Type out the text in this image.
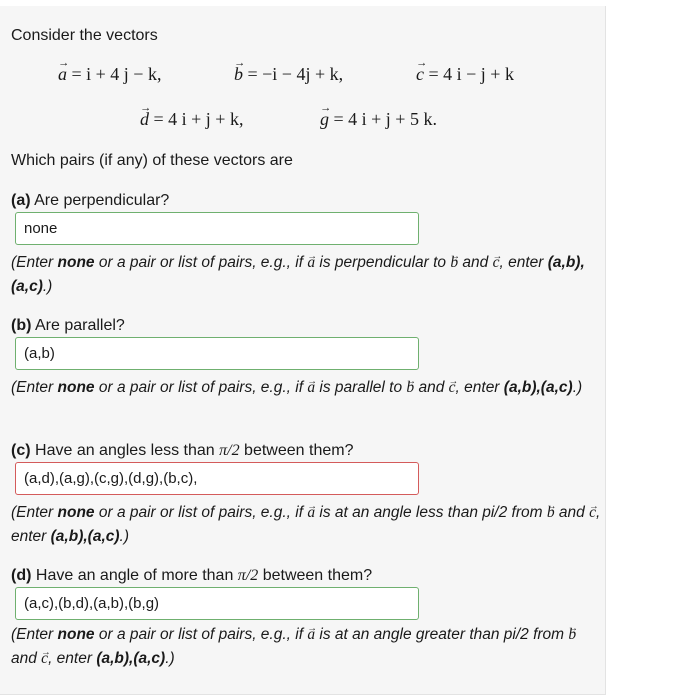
Consider the vectors
→ a = i + 4 j − k,	→ b = −i − 4j + k,	→ c = 4 i − j + k
→ d = 4 i + j + k,	→ g = 4 i + j + 5 k.
Which pairs (if any) of these vectors are
(a) Are perpendicular?
none
(Enter none or a pair or list of pairs, e.g., if → a is perpendicular to → b and → c, enter (a,b),(a,c).)
(b) Are parallel?
(a,b)
(Enter none or a pair or list of pairs, e.g., if → a is parallel to → b and → c, enter (a,b),(a,c).)
(c) Have an angles less than π/2 between them?
(a,d),(a,g),(c,g),(d,g),(b,c),
(Enter none or a pair or list of pairs, e.g., if → a is at an angle less than pi/2 from → b and → c, enter (a,b),(a,c).)
(d) Have an angle of more than π/2 between them?
(a,c),(b,d),(a,b),(b,g)
(Enter none or a pair or list of pairs, e.g., if → a is at an angle greater than pi/2 from → b and → c, enter (a,b),(a,c).)
